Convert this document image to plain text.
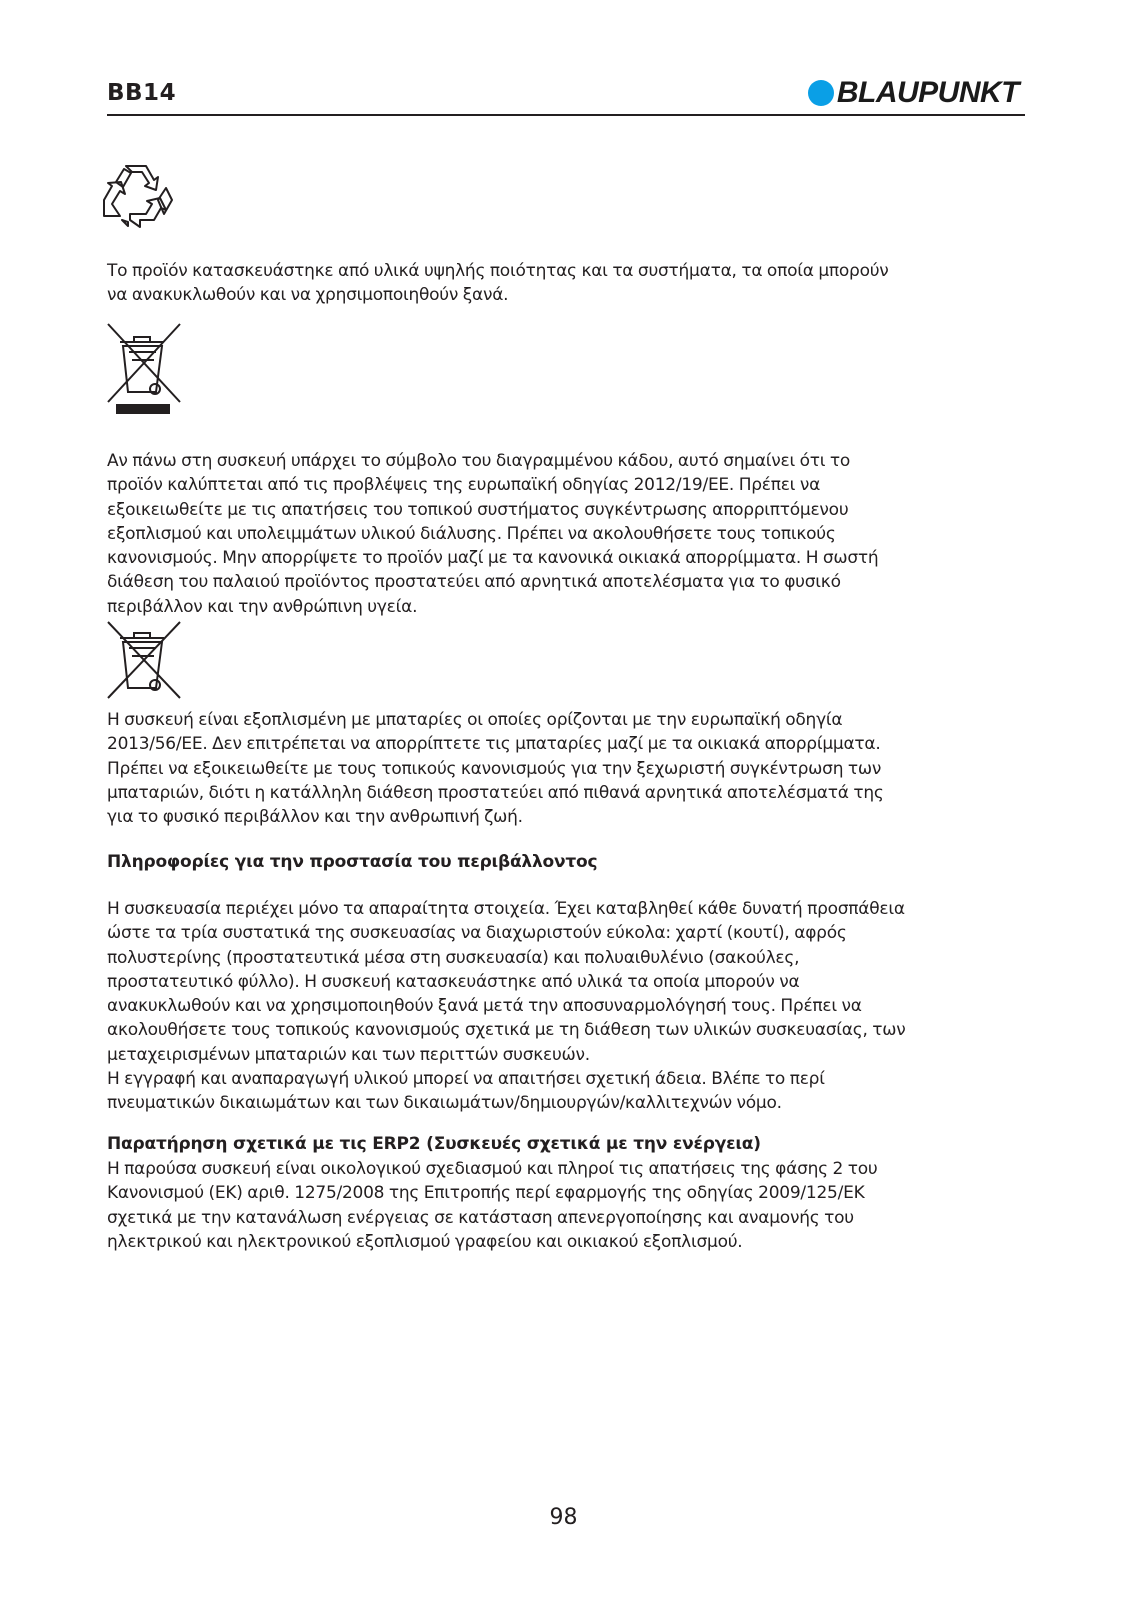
BB14	BLAUPUNKT

Το προϊόν κατασκευάστηκε από υλικά υψηλής ποιότητας και τα συστήματα, τα οποία μπορούν
να ανακυκλωθούν και να χρησιμοποιηθούν ξανά.

Αν πάνω στη συσκευή υπάρχει το σύμβολο του διαγραμμένου κάδου, αυτό σημαίνει ότι το
προϊόν καλύπτεται από τις προβλέψεις της ευρωπαϊκή οδηγίας 2012/19/ΕΕ. Πρέπει να
εξοικειωθείτε με τις απατήσεις του τοπικού συστήματος συγκέντρωσης απορριπτόμενου
εξοπλισμού και υπολειμμάτων υλικού διάλυσης. Πρέπει να ακολουθήσετε τους τοπικούς
κανονισμούς. Μην απορρίψετε το προϊόν μαζί με τα κανονικά οικιακά απορρίμματα. Η σωστή
διάθεση του παλαιού προϊόντος προστατεύει από αρνητικά αποτελέσματα για το φυσικό
περιβάλλον και την ανθρώπινη υγεία.

Η συσκευή είναι εξοπλισμένη με μπαταρίες οι οποίες ορίζονται με την ευρωπαϊκή οδηγία
2013/56/ΕΕ. Δεν επιτρέπεται να απορρίπτετε τις μπαταρίες μαζί με τα οικιακά απορρίμματα.
Πρέπει να εξοικειωθείτε με τους τοπικούς κανονισμούς για την ξεχωριστή συγκέντρωση των
μπαταριών, διότι η κατάλληλη διάθεση προστατεύει από πιθανά αρνητικά αποτελέσματά της
για το φυσικό περιβάλλον και την ανθρωπινή ζωή.

Πληροφορίες για την προστασία του περιβάλλοντος

Η συσκευασία περιέχει μόνο τα απαραίτητα στοιχεία. Έχει καταβληθεί κάθε δυνατή προσπάθεια
ώστε τα τρία συστατικά της συσκευασίας να διαχωριστούν εύκολα: χαρτί (κουτί), αφρός
πολυστερίνης (προστατευτικά μέσα στη συσκευασία) και πολυαιθυλένιο (σακούλες,
προστατευτικό φύλλο). Η συσκευή κατασκευάστηκε από υλικά τα οποία μπορούν να
ανακυκλωθούν και να χρησιμοποιηθούν ξανά μετά την αποσυναρμολόγησή τους. Πρέπει να
ακολουθήσετε τους τοπικούς κανονισμούς σχετικά με τη διάθεση των υλικών συσκευασίας, των
μεταχειρισμένων μπαταριών και των περιττών συσκευών.
Η εγγραφή και αναπαραγωγή υλικού μπορεί να απαιτήσει σχετική άδεια. Βλέπε το περί
πνευματικών δικαιωμάτων και των δικαιωμάτων/δημιουργών/καλλιτεχνών νόμο.

Παρατήρηση σχετικά με τις ERP2 (Συσκευές σχετικά με την ενέργεια)

Η παρούσα συσκευή είναι οικολογικού σχεδιασμού και πληροί τις απατήσεις της φάσης 2 του
Κανονισμού (ΕΚ) αριθ. 1275/2008 της Επιτροπής περί εφαρμογής της οδηγίας 2009/125/ΕΚ
σχετικά με την κατανάλωση ενέργειας σε κατάσταση απενεργοποίησης και αναμονής του
ηλεκτρικού και ηλεκτρονικού εξοπλισμού γραφείου και οικιακού εξοπλισμού.

98
